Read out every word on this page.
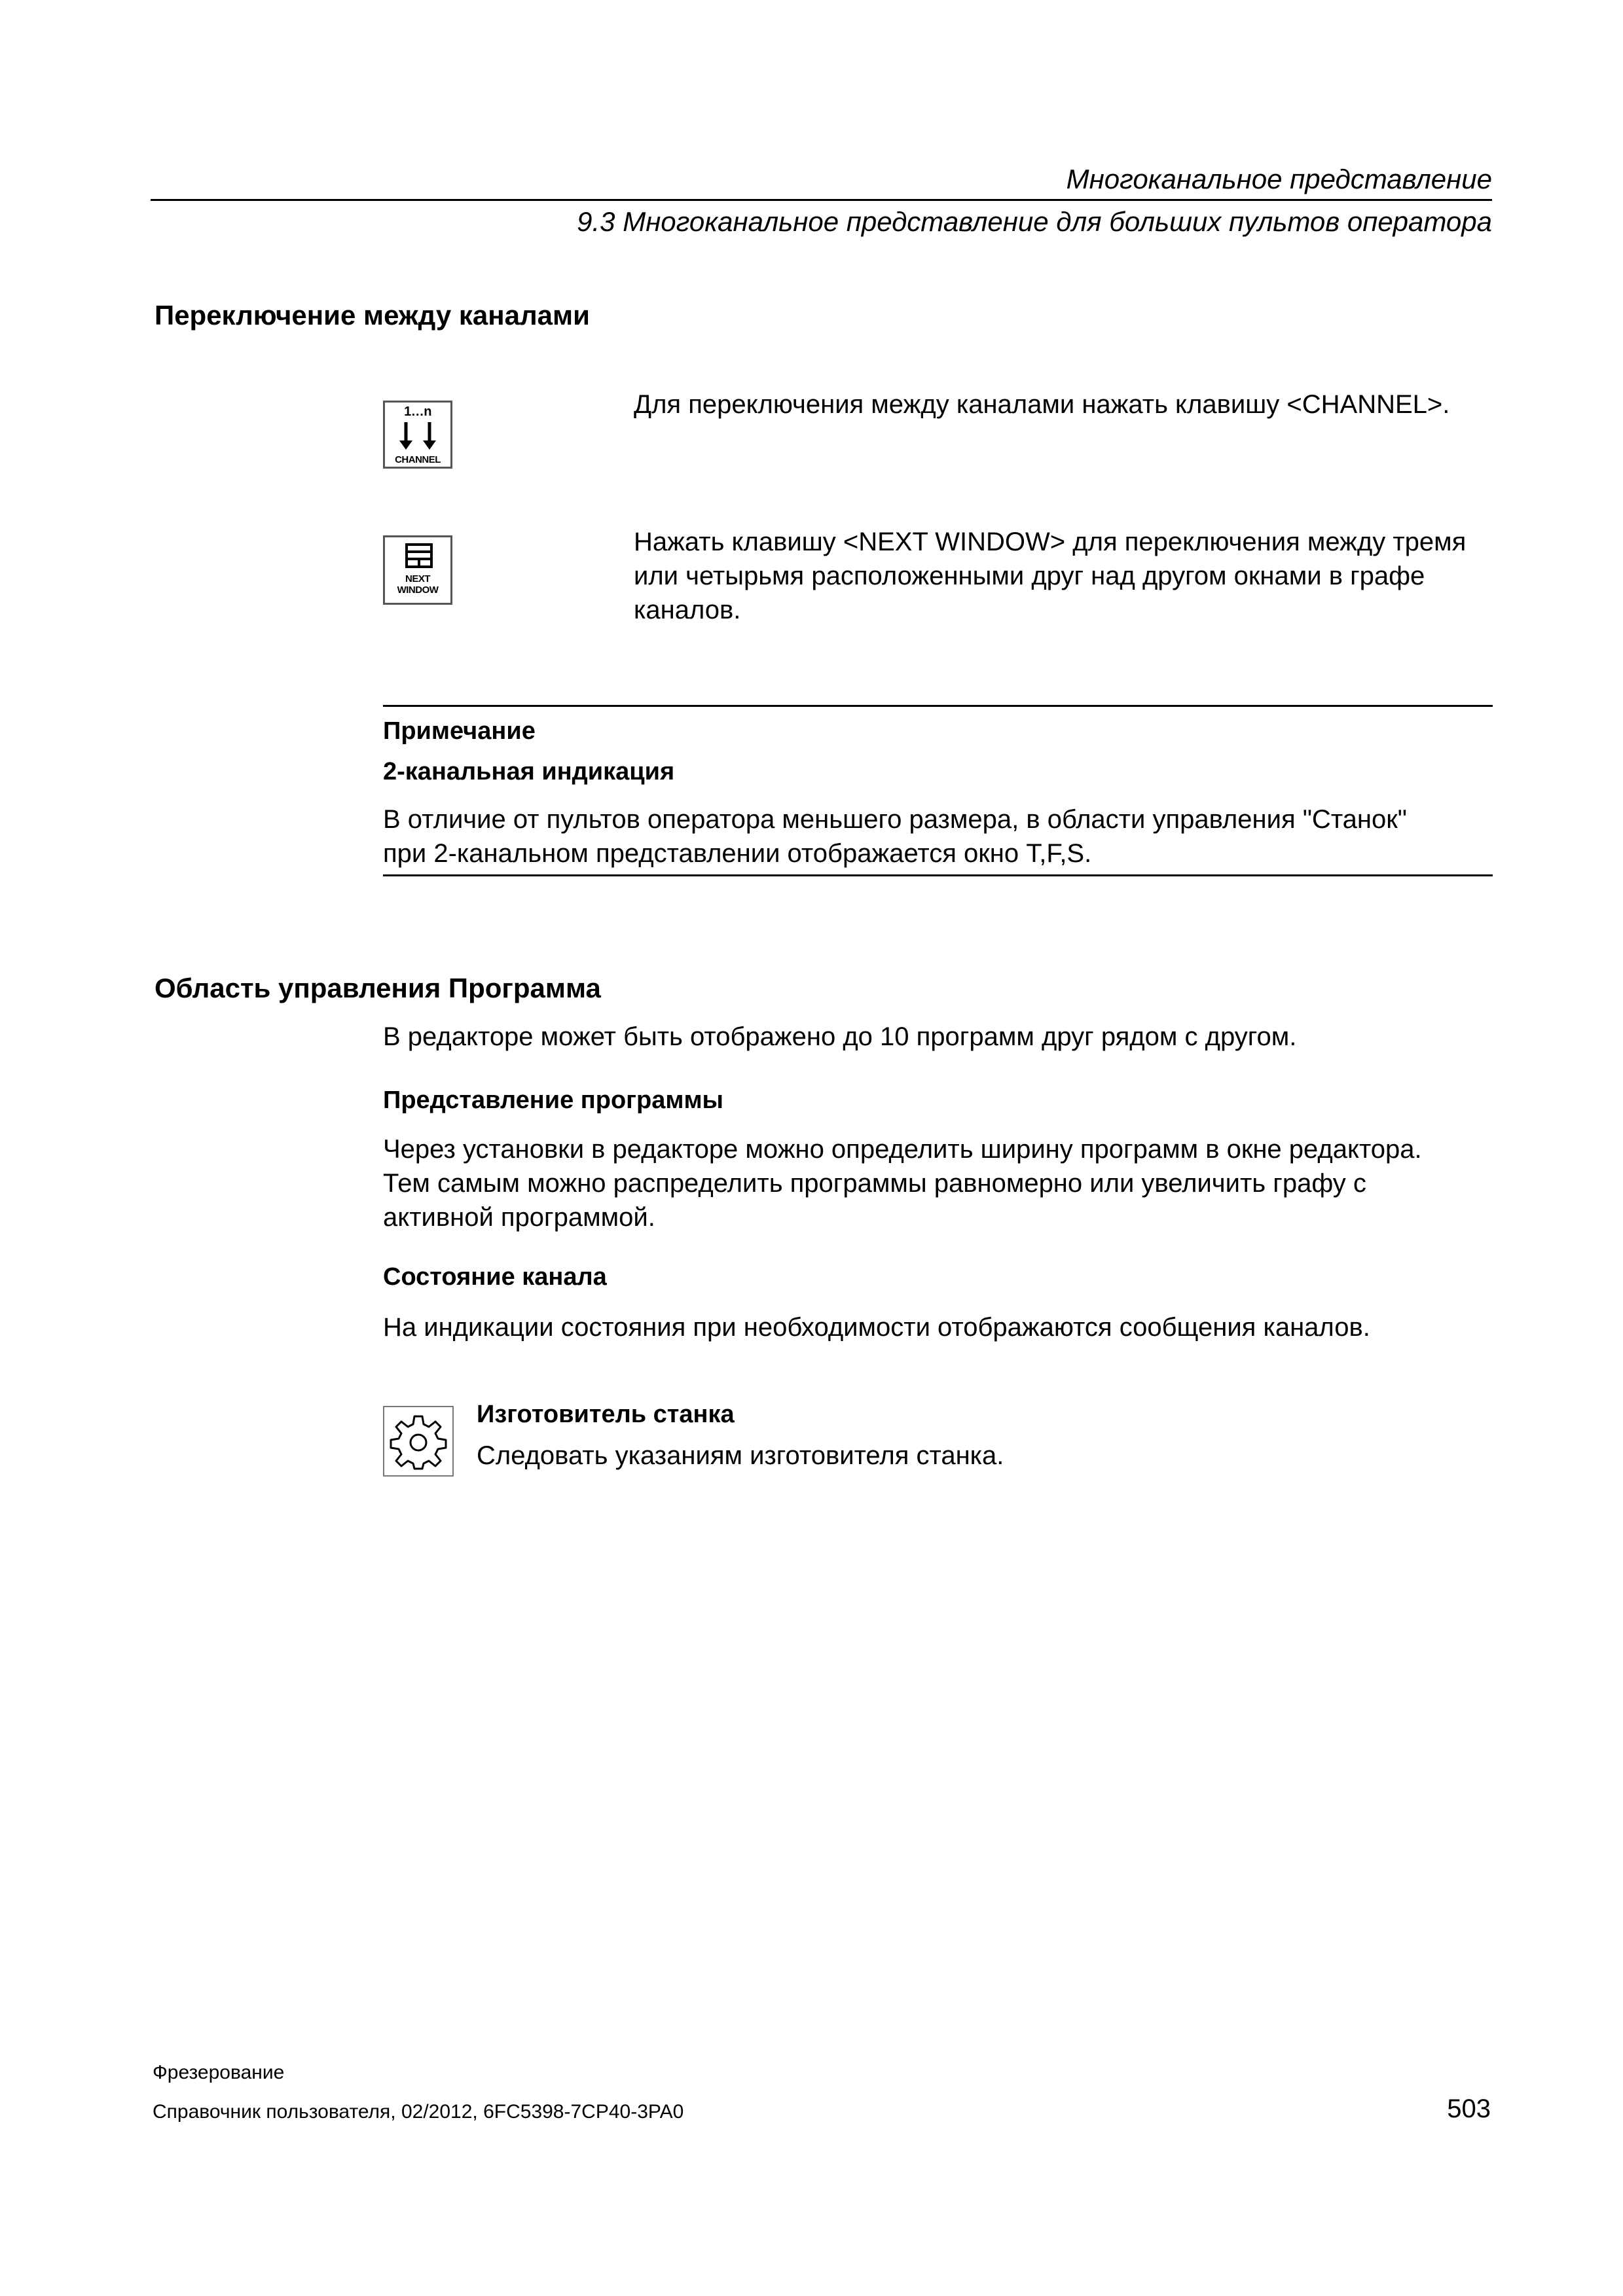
Многоканальное представление
9.3 Многоканальное представление для больших пультов оператора
Переключение между каналами
1…n
CHANNEL
Для переключения между каналами нажать клавишу <CHANNEL>.
NEXT
WINDOW
Нажать клавишу <NEXT WINDOW> для переключения между тремя
или четырьмя расположенными друг над другом окнами в графе
каналов.
Примечание
2-канальная индикация
В отличие от пультов оператора меньшего размера, в области управления "Станок"
при 2-канальном представлении отображается окно T,F,S.
Область управления Программа
В редакторе может быть отображено до 10 программ друг рядом с другом.
Представление программы
Через установки в редакторе можно определить ширину программ в окне редактора.
Тем самым можно распределить программы равномерно или увеличить графу с
активной программой.
Состояние канала
На индикации состояния при необходимости отображаются сообщения каналов.
Изготовитель станка
Следовать указаниям изготовителя станка.
Фрезерование
Справочник пользователя, 02/2012, 6FC5398-7CP40-3PA0	503
